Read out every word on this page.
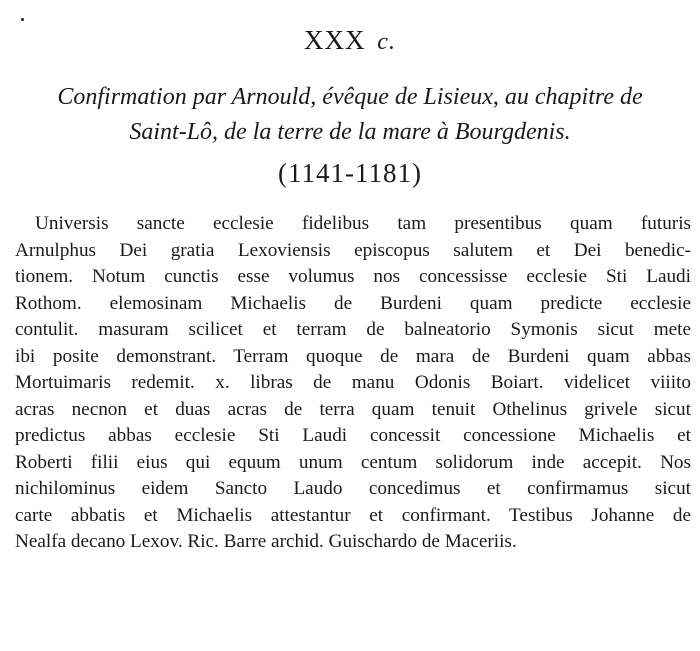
XXX c.
Confirmation par Arnould, évêque de Lisieux, au chapitre de
Saint-Lô, de la terre de la mare à Bourgdenis.
(1141-1181)
Universis sancte ecclesie fidelibus tam presentibus quam futuris
Arnulphus Dei gratia Lexoviensis episcopus salutem et Dei benedic-
tionem. Notum cunctis esse volumus nos concessisse ecclesie Sti Laudi
Rothom. elemosinam Michaelis de Burdeni quam predicte ecclesie
contulit. masuram scilicet et terram de balneatorio Symonis sicut mete
ibi posite demonstrant. Terram quoque de mara de Burdeni quam abbas
Mortuimaris redemit. x. libras de manu Odonis Boiart. videlicet viiito
acras necnon et duas acras de terra quam tenuit Othelinus grivele sicut
predictus abbas ecclesie Sti Laudi concessit concessione Michaelis et
Roberti filii eius qui equum unum centum solidorum inde accepit. Nos
nichilominus eidem Sancto Laudo concedimus et confirmamus sicut
carte abbatis et Michaelis attestantur et confirmant. Testibus Johanne de
Nealfa decano Lexov. Ric. Barre archid. Guischardo de Maceriis.
